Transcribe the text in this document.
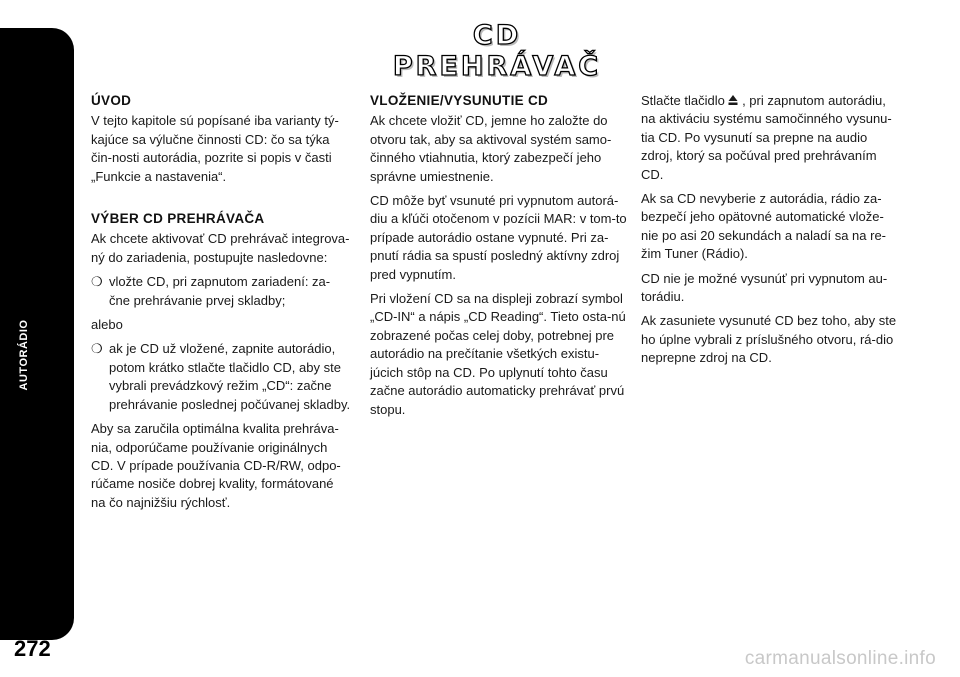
AUTORÁDIO
272
CD PREHRÁVAČ
ÚVOD
V tejto kapitole sú popísané iba varianty tý-kajúce sa výlučne činnosti CD: čo sa týka čin-nosti autorádia, pozrite si popis v časti „Funkcie a nastavenia“.
VÝBER CD PREHRÁVAČA
Ak chcete aktivovať CD prehrávač integrova-ný do zariadenia, postupujte nasledovne:
❍ vložte CD, pri zapnutom zariadení: za-čne prehrávanie prvej skladby;
alebo
❍ ak je CD už vložené, zapnite autorádio, potom krátko stlačte tlačidlo CD, aby ste vybrali prevádzkový režim „CD“: začne prehrávanie poslednej počúvanej skladby.
Aby sa zaručila optimálna kvalita prehráva-nia, odporúčame používanie originálnych CD. V prípade používania CD-R/RW, odpo-rúčame nosiče dobrej kvality, formátované na čo najnižšiu rýchlosť.
VLOŽENIE/VYSUNUTIE CD
Ak chcete vložiť CD, jemne ho založte do otvoru tak, aby sa aktivoval systém samo-činného vtiahnutia, ktorý zabezpečí jeho správne umiestnenie.
CD môže byť vsunuté pri vypnutom autorá-diu a kľúči otočenom v pozícii MAR: v tom-to prípade autorádio ostane vypnuté. Pri za-pnutí rádia sa spustí posledný aktívny zdroj pred vypnutím.
Pri vložení CD sa na displeji zobrazí symbol „CD-IN“ a nápis „CD Reading“. Tieto osta-nú zobrazené počas celej doby, potrebnej pre autorádio na prečítanie všetkých existu-júcich stôp na CD. Po uplynutí tohto času začne autorádio automaticky prehrávať prvú stopu.
Stlačte tlačidlo , pri zapnutom autorádiu, na aktiváciu systému samočinného vysunu-tia CD. Po vysunutí sa prepne na audio zdroj, ktorý sa počúval pred prehrávaním CD.
Ak sa CD nevyberie z autorádia, rádio za-bezpečí jeho opätovné automatické vlože-nie po asi 20 sekundách a naladí sa na re-žim Tuner (Rádio).
CD nie je možné vysunúť pri vypnutom au-torádiu.
Ak zasuniete vysunuté CD bez toho, aby ste ho úplne vybrali z príslušného otvoru, rá-dio neprepne zdroj na CD.
carmanualsonline.info
